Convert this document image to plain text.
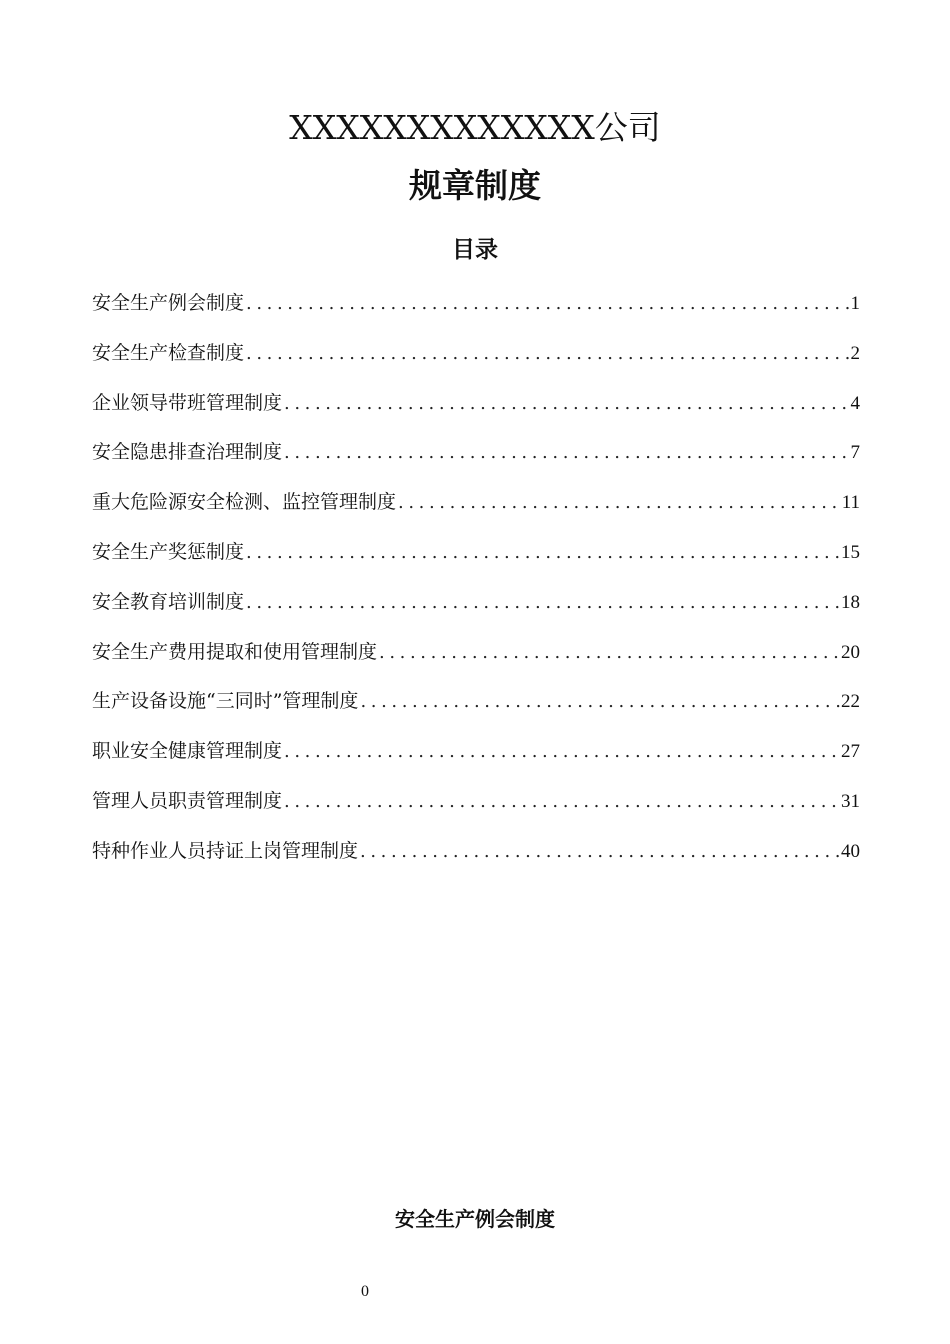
XXXXXXXXXXXXX公司
规章制度
目录
安全生产例会制度 .....	1
安全生产检查制度 .....	2
企业领导带班管理制度 .....	4
安全隐患排查治理制度 .....	7
重大危险源安全检测、监控管理制度 .....	11
安全生产奖惩制度 .....	15
安全教育培训制度 .....	18
安全生产费用提取和使用管理制度 .....	20
生产设备设施“三同时”管理制度 .....	22
职业安全健康管理制度 .....	27
管理人员职责管理制度 .....	31
特种作业人员持证上岗管理制度 .....	40
安全生产例会制度
0
